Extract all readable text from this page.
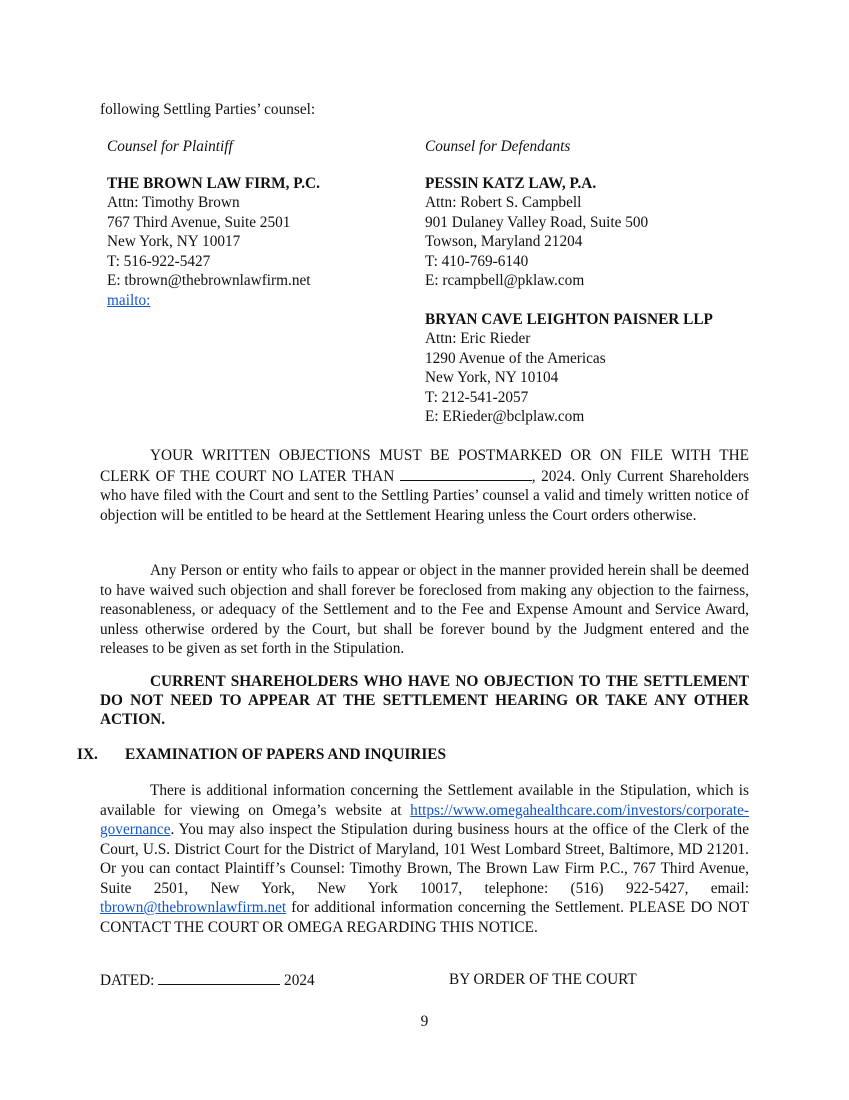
following Settling Parties’ counsel:
Counsel for Plaintiff
THE BROWN LAW FIRM, P.C.
Attn: Timothy Brown
767 Third Avenue, Suite 2501
New York, NY 10017
T: 516-922-5427
E: tbrown@thebrownlawfirm.net
mailto:
Counsel for Defendants
PESSIN KATZ LAW, P.A.
Attn: Robert S. Campbell
901 Dulaney Valley Road, Suite 500
Towson, Maryland 21204
T: 410-769-6140
E: rcampbell@pklaw.com
BRYAN CAVE LEIGHTON PAISNER LLP
Attn: Eric Rieder
1290 Avenue of the Americas
New York, NY 10104
T: 212-541-2057
E: ERieder@bclplaw.com
YOUR WRITTEN OBJECTIONS MUST BE POSTMARKED OR ON FILE WITH THE CLERK OF THE COURT NO LATER THAN	, 2024. Only Current Shareholders who have filed with the Court and sent to the Settling Parties’ counsel a valid and timely written notice of objection will be entitled to be heard at the Settlement Hearing unless the Court orders otherwise.
Any Person or entity who fails to appear or object in the manner provided herein shall be deemed to have waived such objection and shall forever be foreclosed from making any objection to the fairness, reasonableness, or adequacy of the Settlement and to the Fee and Expense Amount and Service Award, unless otherwise ordered by the Court, but shall be forever bound by the Judgment entered and the releases to be given as set forth in the Stipulation.
CURRENT SHAREHOLDERS WHO HAVE NO OBJECTION TO THE SETTLEMENT DO NOT NEED TO APPEAR AT THE SETTLEMENT HEARING OR TAKE ANY OTHER ACTION.
IX. EXAMINATION OF PAPERS AND INQUIRIES
There is additional information concerning the Settlement available in the Stipulation, which is available for viewing on Omega’s website at https://www.omegahealthcare.com/investors/corporate-governance. You may also inspect the Stipulation during business hours at the office of the Clerk of the Court, U.S. District Court for the District of Maryland, 101 West Lombard Street, Baltimore, MD 21201. Or you can contact Plaintiff’s Counsel: Timothy Brown, The Brown Law Firm P.C., 767 Third Avenue, Suite 2501, New York, New York 10017, telephone: (516) 922-5427, email: tbrown@thebrownlawfirm.net for additional information concerning the Settlement. PLEASE DO NOT CONTACT THE COURT OR OMEGA REGARDING THIS NOTICE.
DATED:	2024	BY ORDER OF THE COURT
9
